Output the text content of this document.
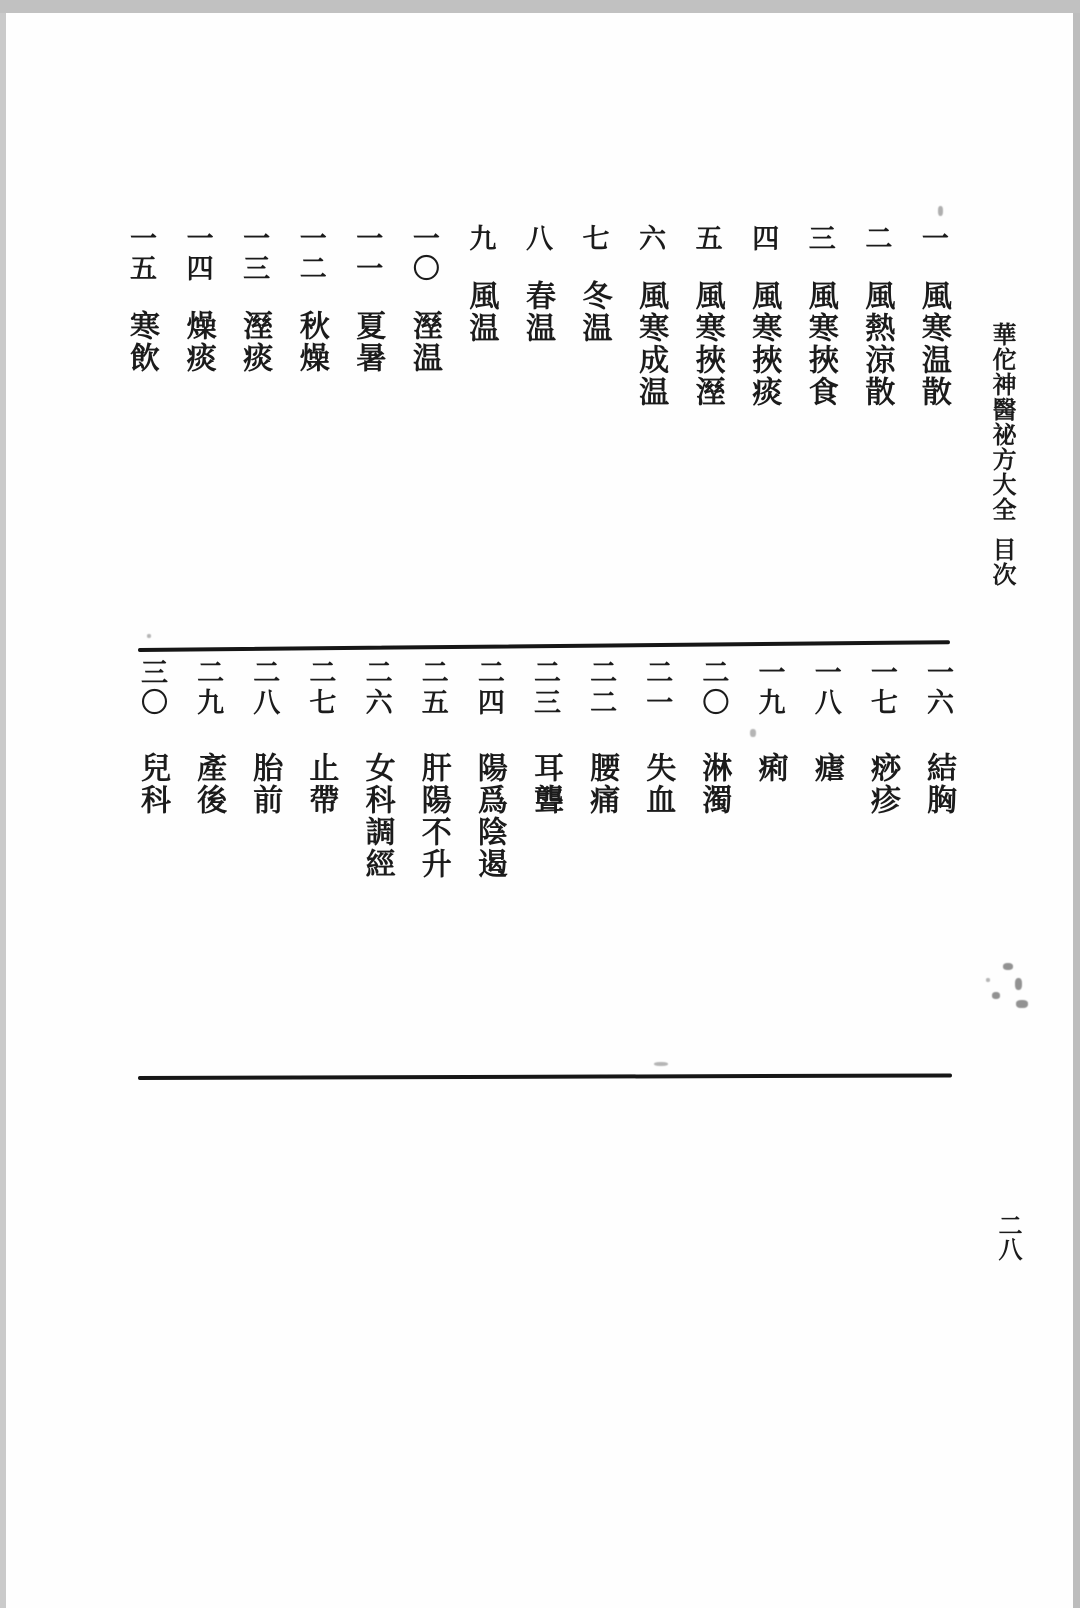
華佗神醫祕方大全目次
一風寒温散
二風熱涼散
三風寒挾食
四風寒挾痰
五風寒挾溼
六風寒成温
七冬温
八春温
九風温
一〇溼温
一一夏暑
一二秋燥
一三溼痰
一四燥痰
一五寒飲
一六結胸
一七痧疹
一八瘧
一九痢
二〇淋濁
二一失血
二二腰痛
二三耳聾
二四陽爲陰遏
二五肝陽不升
二六女科調經
二七止帶
二八胎前
二九產後
三〇兒科
二八
